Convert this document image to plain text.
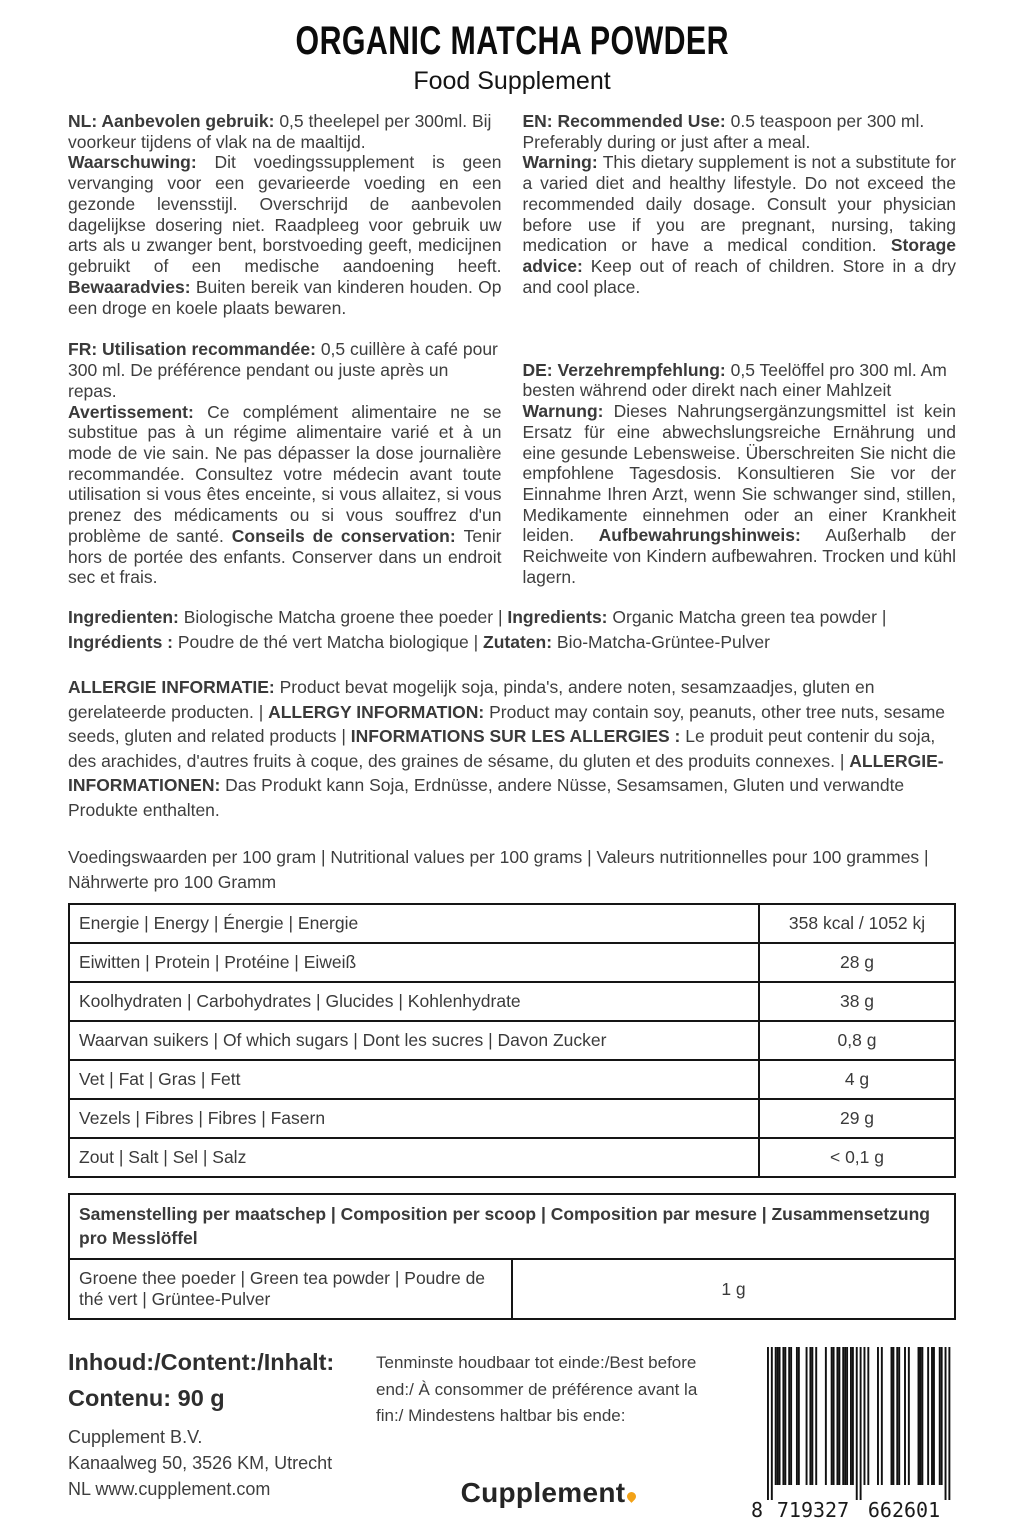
ORGANIC MATCHA POWDER
Food Supplement
NL: Aanbevolen gebruik: 0,5 theelepel per 300ml. Bij voorkeur tijdens of vlak na de maaltijd.
Waarschuwing: Dit voedingssupplement is geen vervanging voor een gevarieerde voeding en een gezonde levensstijl. Overschrijd de aanbevolen dagelijkse dosering niet. Raadpleeg voor gebruik uw arts als u zwanger bent, borstvoeding geeft, medicijnen gebruikt of een medische aandoening heeft. Bewaaradvies: Buiten bereik van kinderen houden. Op een droge en koele plaats bewaren.
FR: Utilisation recommandée: 0,5 cuillère à café pour 300 ml. De préférence pendant ou juste après un repas.
Avertissement: Ce complément alimentaire ne se substitue pas à un régime alimentaire varié et à un mode de vie sain. Ne pas dépasser la dose journalière recommandée. Consultez votre médecin avant toute utilisation si vous êtes enceinte, si vous allaitez, si vous prenez des médicaments ou si vous souffrez d'un problème de santé. Conseils de conservation: Tenir hors de portée des enfants. Conserver dans un endroit sec et frais.
EN: Recommended Use: 0.5 teaspoon per 300 ml. Preferably during or just after a meal.
Warning: This dietary supplement is not a substitute for a varied diet and healthy lifestyle. Do not exceed the recommended daily dosage. Consult your physician before use if you are pregnant, nursing, taking medication or have a medical condition. Storage advice: Keep out of reach of children. Store in a dry and cool place.
DE: Verzehrempfehlung: 0,5 Teelöffel pro 300 ml. Am besten während oder direkt nach einer Mahlzeit
Warnung: Dieses Nahrungsergänzungsmittel ist kein Ersatz für eine abwechslungsreiche Ernährung und eine gesunde Lebensweise. Überschreiten Sie nicht die empfohlene Tagesdosis. Konsultieren Sie vor der Einnahme Ihren Arzt, wenn Sie schwanger sind, stillen, Medikamente einnehmen oder an einer Krankheit leiden. Aufbewahrungshinweis: Außerhalb der Reichweite von Kindern aufbewahren. Trocken und kühl lagern.
Ingredienten: Biologische Matcha groene thee poeder | Ingredients: Organic Matcha green tea powder | Ingrédients : Poudre de thé vert Matcha biologique | Zutaten: Bio-Matcha-Grüntee-Pulver
ALLERGIE INFORMATIE: Product bevat mogelijk soja, pinda's, andere noten, sesamzaadjes, gluten en gerelateerde producten. | ALLERGY INFORMATION: Product may contain soy, peanuts, other tree nuts, sesame seeds, gluten and related products | INFORMATIONS SUR LES ALLERGIES : Le produit peut contenir du soja, des arachides, d'autres fruits à coque, des graines de sésame, du gluten et des produits connexes. | ALLERGIE-INFORMATIONEN: Das Produkt kann Soja, Erdnüsse, andere Nüsse, Sesamsamen, Gluten und verwandte Produkte enthalten.
Voedingswaarden per 100 gram | Nutritional values per 100 grams | Valeurs nutritionnelles pour 100 grammes | Nährwerte pro 100 Gramm
Energie | Energy | Énergie | Energie	358 kcal / 1052 kj
Eiwitten | Protein | Protéine | Eiweiß	28 g
Koolhydraten | Carbohydrates | Glucides | Kohlenhydrate	38 g
Waarvan suikers | Of which sugars | Dont les sucres | Davon Zucker	0,8 g
Vet | Fat | Gras | Fett	4 g
Vezels | Fibres | Fibres | Fasern	29 g
Zout | Salt | Sel | Salz	< 0,1 g
Samenstelling per maatschep | Composition per scoop | Composition par mesure | Zusammensetzung pro Messlöffel
Groene thee poeder | Green tea powder | Poudre de thé vert | Grüntee-Pulver	1 g
Inhoud:/Content:/Inhalt:
Contenu: 90 g
Cupplement B.V.
Kanaalweg 50, 3526 KM, Utrecht
NL www.cupplement.com
Tenminste houdbaar tot einde:/Best before end:/ À consommer de préférence avant la fin:/ Mindestens haltbar bis ende:
Cupplement
8 719327 662601
